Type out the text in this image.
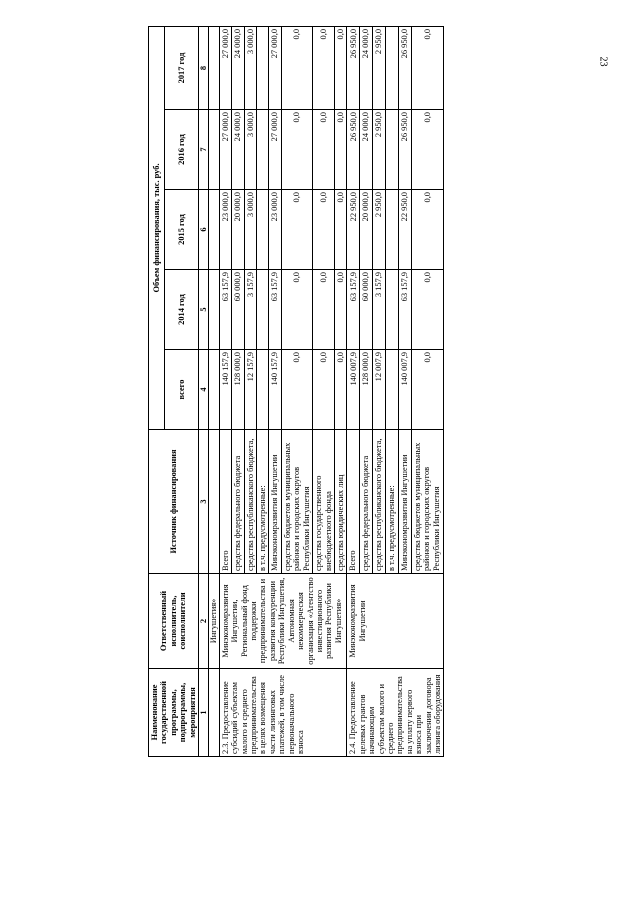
23
Наименование государственной программы, подпрограммы, мероприятия	Ответственный исполнитель, соисполнители	Источник финансирования	Объем финансирования, тыс. руб.				
			всего	2014 год	2015 год	2016 год	2017 год
1	2	3	4	5	6	7	8
	Ингушетия»						
2.3. Предоставление субсидий субъектам малого и среднего предпринимательства в целях возмещения части лизинговых платежей, в том числе первоначального взноса	Минэкономразвития Ингушетии, Региональный фонд поддержки предпринимательства и развития конкуренции Республики Ингушетия, Автономная некоммерческая организация «Агентство инвестиционного развития Республики Ингушетия»	Всего	140 157,9	63 157,9	23 000,0	27 000,0	27 000,0
		средства федерального бюджета	128 000,0	60 000,0	20 000,0	24 000,0	24 000,0
		средства республиканского бюджета,	12 157,9	3 157,9	3 000,0	3 000,0	3 000,0
		в т.ч. предусмотренные:					
		Минэкономразвития Ингушетии	140 157,9	63 157,9	23 000,0	27 000,0	27 000,0
		средства бюджетов муниципальных районов и городских округов Республики Ингушетия	0,0	0,0	0,0	0,0	0,0
		средства государственного внебюджетного фонда	0,0	0,0	0,0	0,0	0,0
		средства юридических лиц	0,0	0,0	0,0	0,0	0,0
2.4. Предоставление целевых грантов начинающим субъектам малого и среднего предпринимательства на уплату первого взноса при заключении договора лизинга оборудования	Минэкономразвития Ингушетии	Всего	140 007,9	63 157,9	22 950,0	26 950,0	26 950,0
		средства федерального бюджета	128 000,0	60 000,0	20 000,0	24 000,0	24 000,0
		средства республиканского бюджета,	12 007,9	3 157,9	2 950,0	2 950,0	2 950,0
		в т.ч. предусмотренные:					
		Минэкономразвития Ингушетии	140 007,9	63 157,9	22 950,0	26 950,0	26 950,0
		средства бюджетов муниципальных районов и городских округов Республики Ингушетия	0,0	0,0	0,0	0,0	0,0
